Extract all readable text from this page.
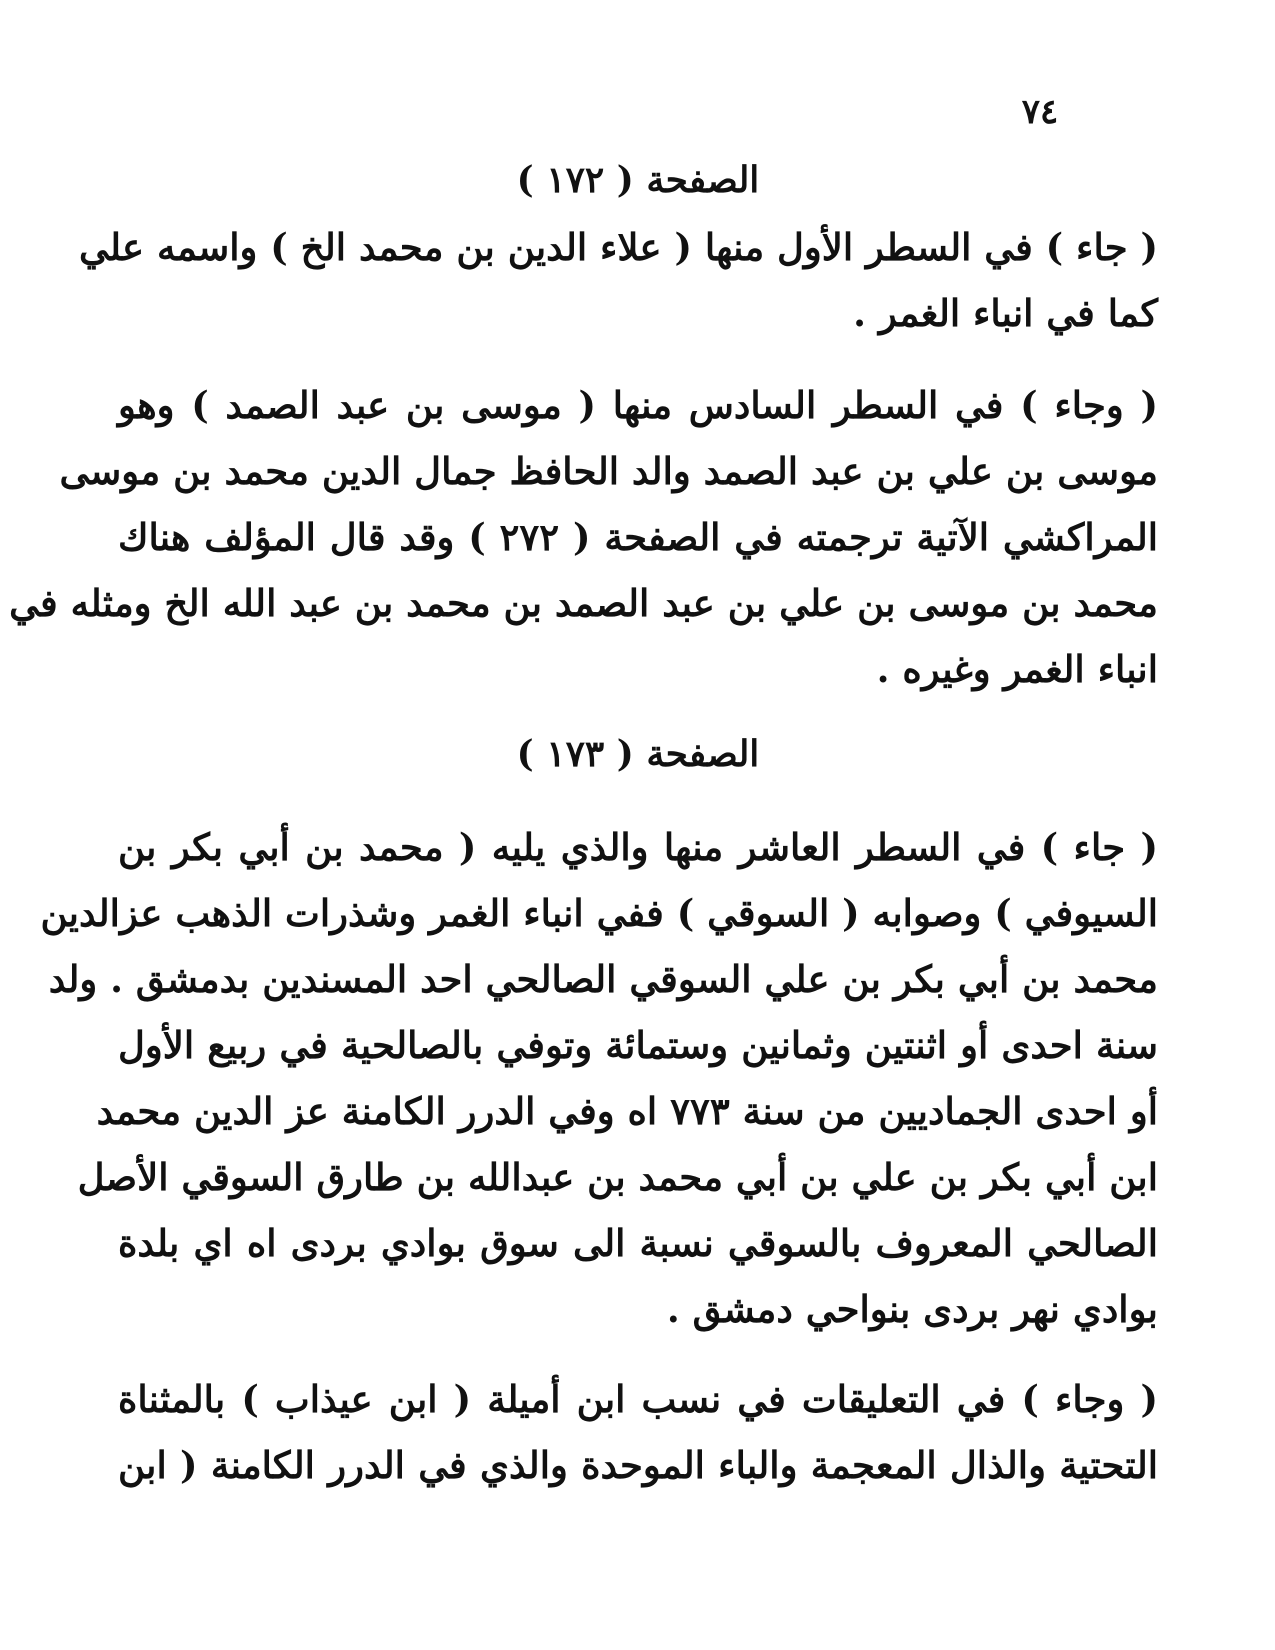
٧٤
الصفحة ( ١٧٢ )

( جاء ) في السطر الأول منها ( علاء الدين بن محمد الخ ) واسمه علي
كما في انباء الغمر .

( وجاء ) في السطر السادس منها ( موسى بن عبد الصمد ) وهو
موسى بن علي بن عبد الصمد والد الحافظ جمال الدين محمد بن موسى
المراكشي الآتية ترجمته في الصفحة ( ٢٧٢ ) وقد قال المؤلف هناك
محمد بن موسى بن علي بن عبد الصمد بن محمد بن عبد الله الخ ومثله في
انباء الغمر وغيره .

الصفحة ( ١٧٣ )

( جاء ) في السطر العاشر منها والذي يليه ( محمد بن أبي بكر بن
السيوفي ) وصوابه ( السوقي ) ففي انباء الغمر وشذرات الذهب عزالدين
محمد بن أبي بكر بن علي السوقي الصالحي احد المسندين بدمشق . ولد
سنة احدى أو اثنتين وثمانين وستمائة وتوفي بالصالحية في ربيع الأول
أو احدى الجماديين من سنة ٧٧٣ اه وفي الدرر الكامنة عز الدين محمد
ابن أبي بكر بن علي بن أبي محمد بن عبدالله بن طارق السوقي الأصل
الصالحي المعروف بالسوقي نسبة الى سوق بوادي بردى اه اي بلدة
بوادي نهر بردى بنواحي دمشق .

( وجاء ) في التعليقات في نسب ابن أميلة ( ابن عيذاب ) بالمثناة
التحتية والذال المعجمة والباء الموحدة والذي في الدرر الكامنة ( ابن
